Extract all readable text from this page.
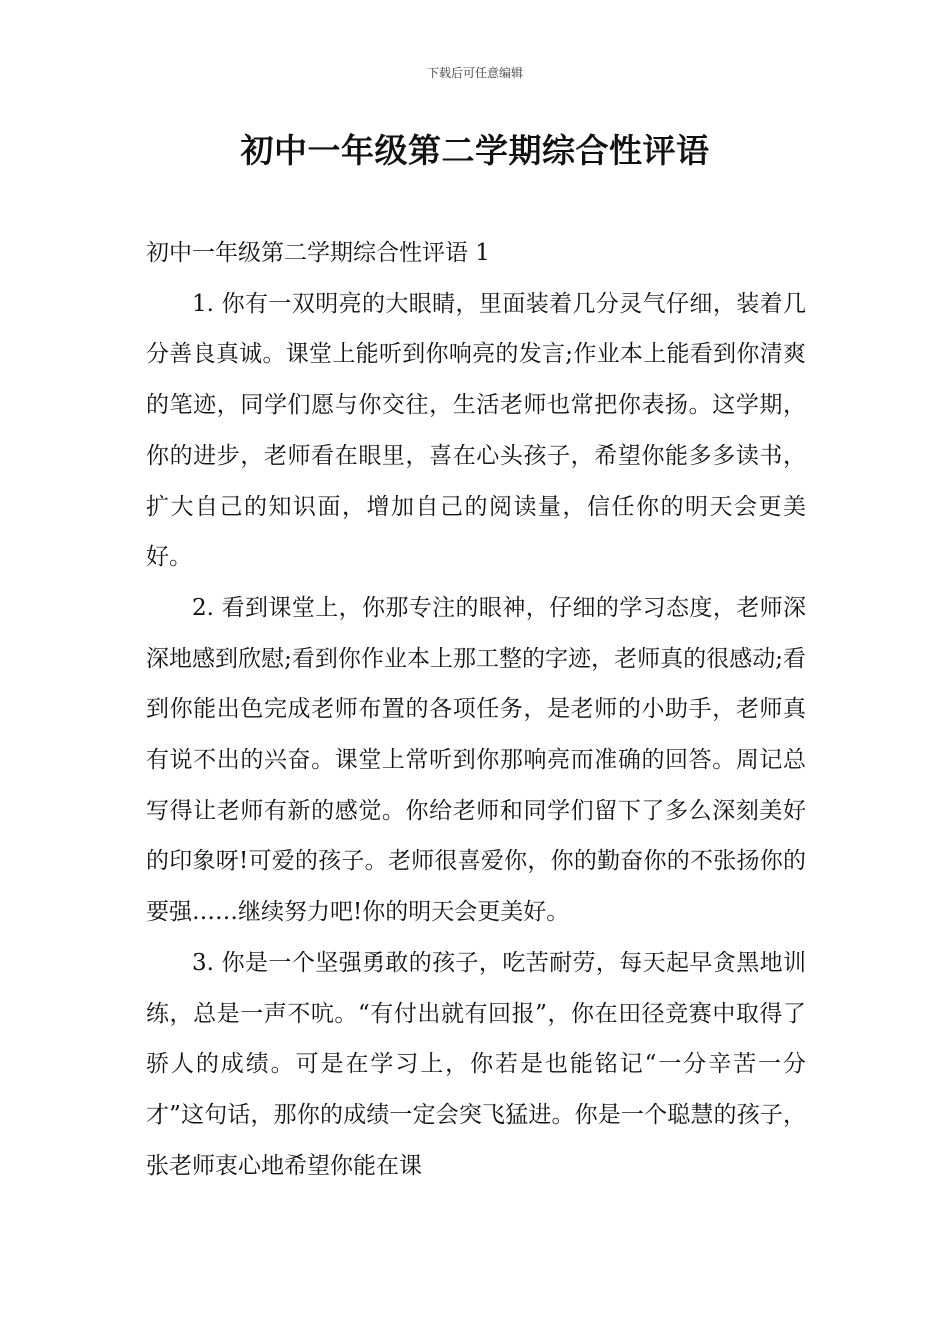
下载后可任意编辑
初中一年级第二学期综合性评语

初中一年级第二学期综合性评语 1

1. 你有一双明亮的大眼睛，里面装着几分灵气仔细，装着几分善良真诚。课堂上能听到你响亮的发言;作业本上能看到你清爽的笔迹，同学们愿与你交往，生活老师也常把你表扬。这学期，你的进步，老师看在眼里，喜在心头孩子，希望你能多多读书，扩大自己的知识面，增加自己的阅读量，信任你的明天会更美好。

2. 看到课堂上，你那专注的眼神，仔细的学习态度，老师深深地感到欣慰;看到你作业本上那工整的字迹，老师真的很感动;看到你能出色完成老师布置的各项任务，是老师的小助手，老师真有说不出的兴奋。课堂上常听到你那响亮而准确的回答。周记总写得让老师有新的感觉。你给老师和同学们留下了多么深刻美好的印象呀!可爱的孩子。老师很喜爱你，你的勤奋你的不张扬你的要强……继续努力吧!你的明天会更美好。

3. 你是一个坚强勇敢的孩子，吃苦耐劳，每天起早贪黑地训练，总是一声不吭。“有付出就有回报”，你在田径竞赛中取得了骄人的成绩。可是在学习上，你若是也能铭记“一分辛苦一分才”这句话，那你的成绩一定会突飞猛进。你是一个聪慧的孩子，张老师衷心地希望你能在课
